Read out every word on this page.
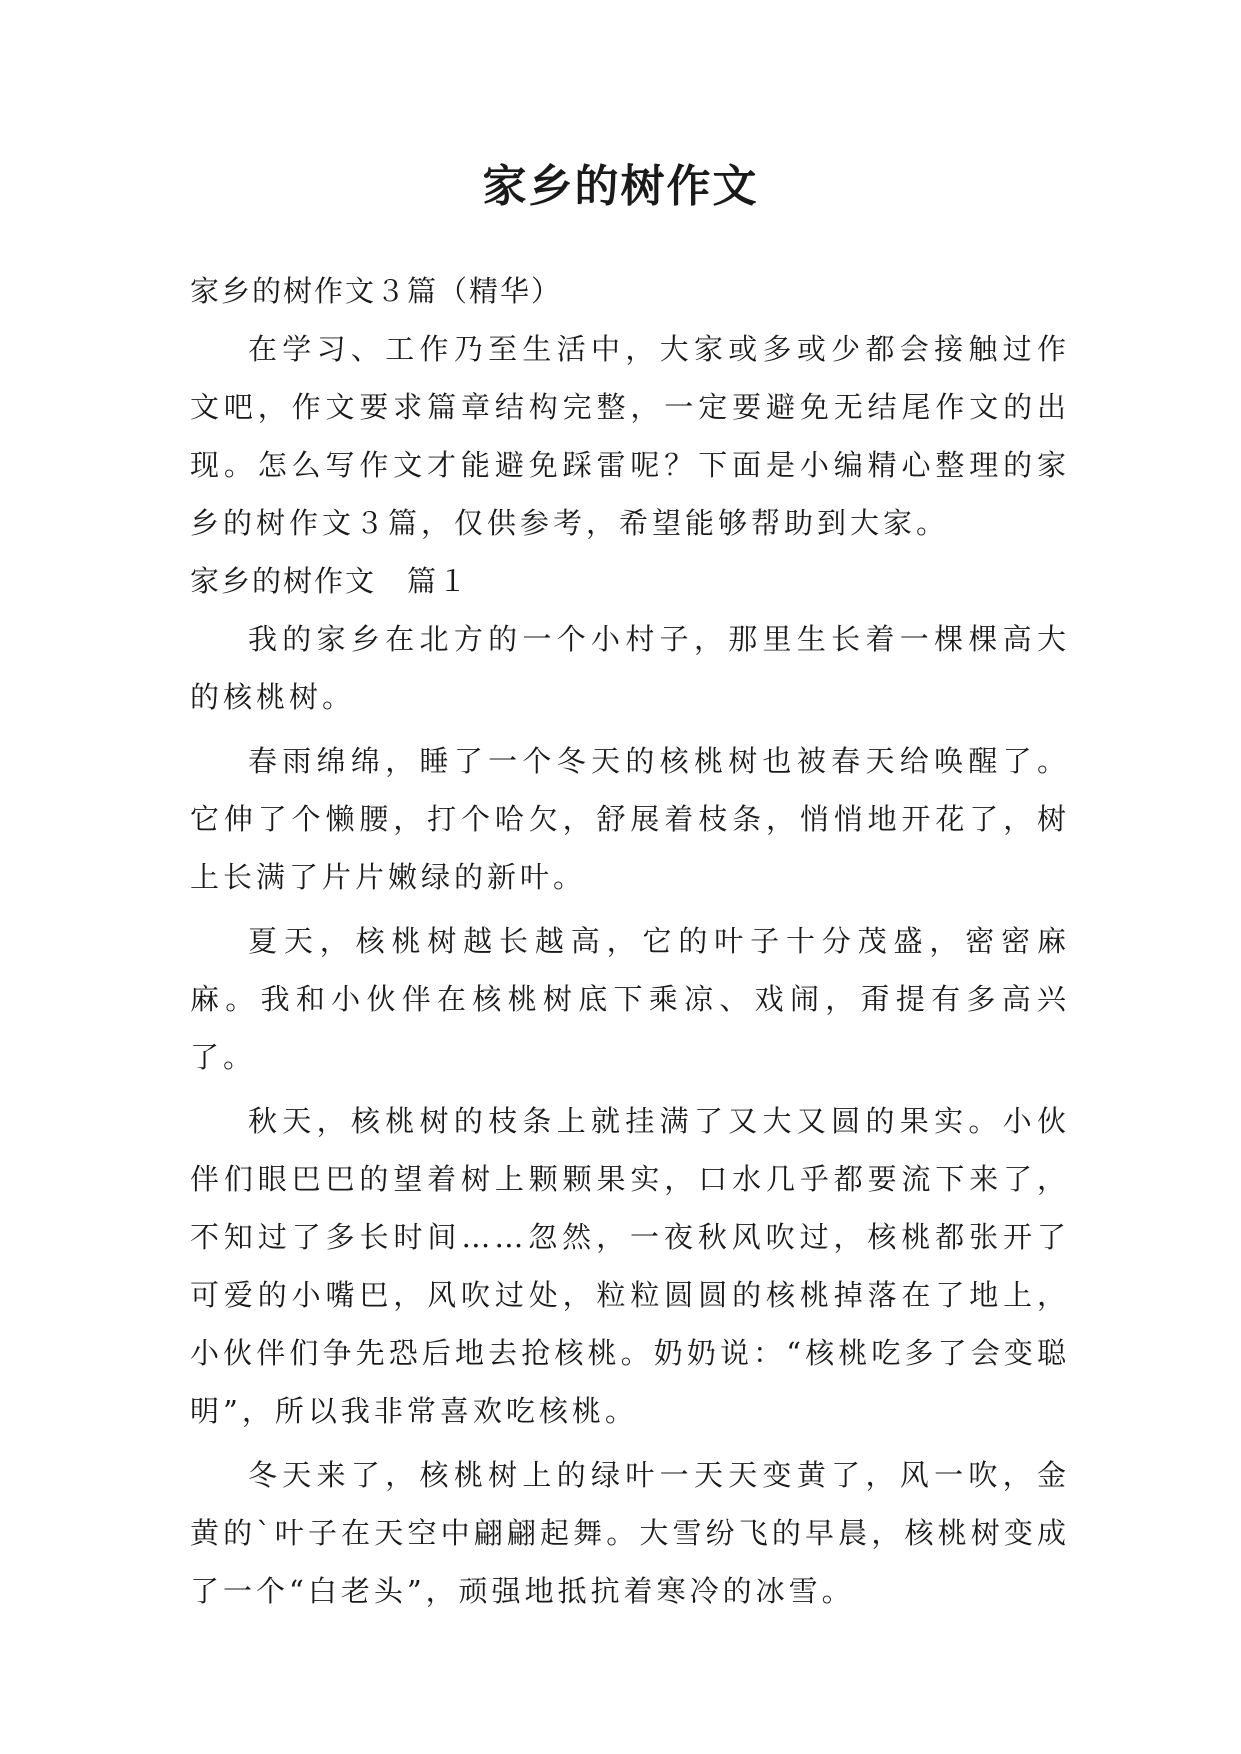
家乡的树作文

家乡的树作文３篇（精华）

在学习、工作乃至生活中，大家或多或少都会接触过作文吧，作文要求篇章结构完整，一定要避免无结尾作文的出现。怎么写作文才能避免踩雷呢？下面是小编精心整理的家乡的树作文３篇，仅供参考，希望能够帮助到大家。

家乡的树作文　篇１

我的家乡在北方的一个小村子，那里生长着一棵棵高大的核桃树。

春雨绵绵，睡了一个冬天的核桃树也被春天给唤醒了。它伸了个懒腰，打个哈欠，舒展着枝条，悄悄地开花了，树上长满了片片嫩绿的新叶。

夏天，核桃树越长越高，它的叶子十分茂盛，密密麻麻。我和小伙伴在核桃树底下乘凉、戏闹，甭提有多高兴了。

秋天，核桃树的枝条上就挂满了又大又圆的果实。小伙伴们眼巴巴的望着树上颗颗果实，口水几乎都要流下来了，不知过了多长时间……忽然，一夜秋风吹过，核桃都张开了可爱的小嘴巴，风吹过处，粒粒圆圆的核桃掉落在了地上，小伙伴们争先恐后地去抢核桃。奶奶说：“核桃吃多了会变聪明”，所以我非常喜欢吃核桃。

冬天来了，核桃树上的绿叶一天天变黄了，风一吹，金黄的`叶子在天空中翩翩起舞。大雪纷飞的早晨，核桃树变成了一个“白老头”，顽强地抵抗着寒冷的冰雪。
